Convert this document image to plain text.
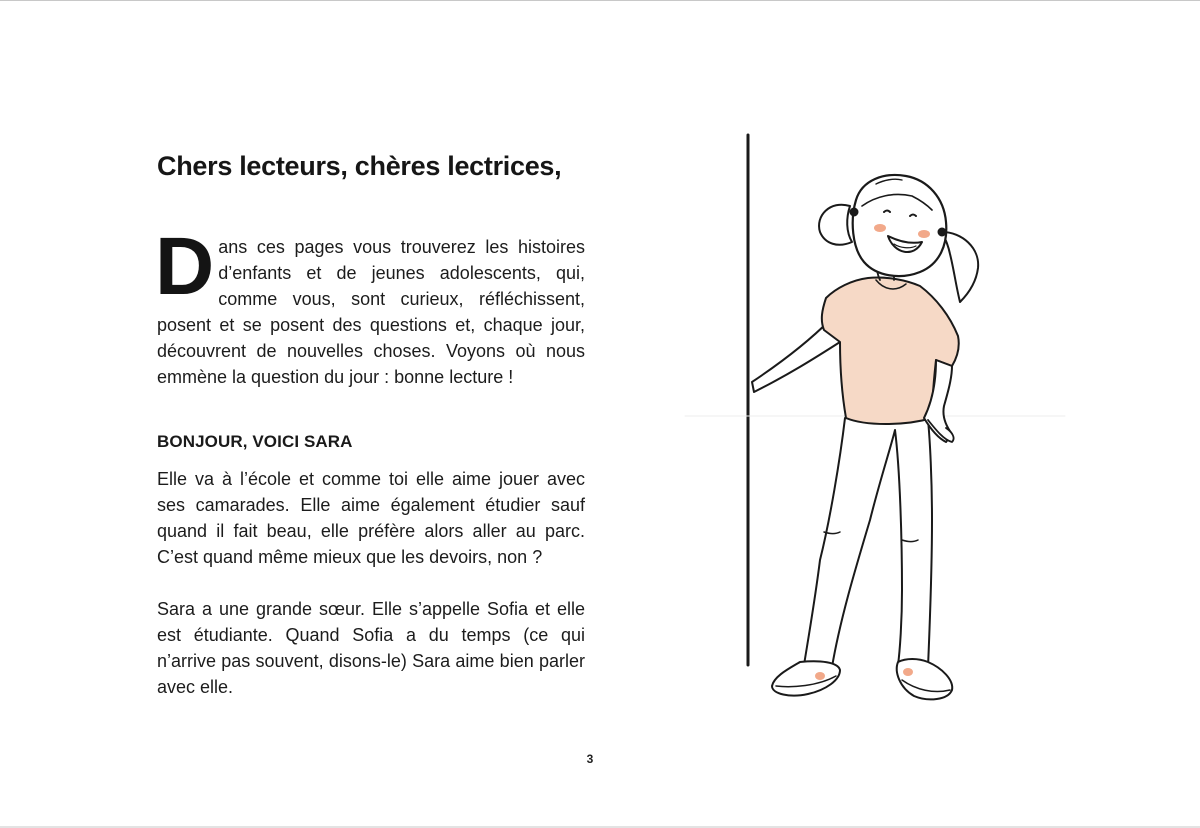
Chers lecteurs, chères lectrices,

Dans ces pages vous trouverez les histoires d’enfants et de jeunes adolescents, qui, comme vous, sont curieux, réfléchissent, posent et se posent des questions et, chaque jour, découvrent de nouvelles choses. Voyons où nous emmène la question du jour : bonne lecture !

BONJOUR, VOICI SARA

Elle va à l’école et comme toi elle aime jouer avec ses camarades. Elle aime également étudier sauf quand il fait beau, elle préfère alors aller au parc. C’est quand même mieux que les devoirs, non ?

Sara a une grande sœur. Elle s’appelle Sofia et elle est étudiante. Quand Sofia a du temps (ce qui n’arrive pas souvent, disons-le) Sara aime bien parler avec elle.

3
